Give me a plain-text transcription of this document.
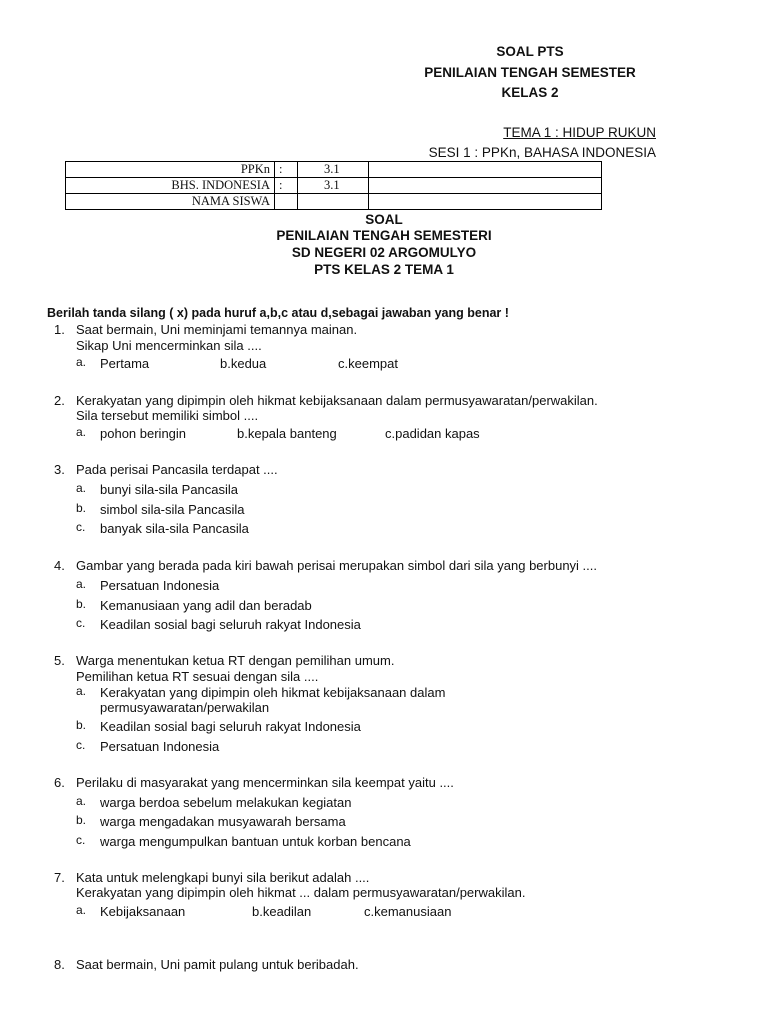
SOAL PTS
PENILAIAN TENGAH SEMESTER
KELAS 2
TEMA 1 : HIDUP RUKUN
SESI 1 : PPKn, BAHASA INDONESIA
PPKn	:	3.1	
BHS. INDONESIA	:	3.1	
NAMA SISWA			
SOAL
PENILAIAN TENGAH SEMESTERI
SD NEGERI 02 ARGOMULYO
PTS KELAS 2 TEMA 1
Berilah tanda silang ( x) pada huruf a,b,c atau d,sebagai jawaban yang benar !
1. Saat bermain, Uni meminjami temannya mainan.
Sikap Uni mencerminkan sila ....
a. Pertama	b.kedua	c.keempat
2. Kerakyatan yang dipimpin oleh hikmat kebijaksanaan dalam permusyawaratan/perwakilan.
Sila tersebut memiliki simbol ....
a. pohon beringin	b.kepala banteng	c.padidan kapas
3. Pada perisai Pancasila terdapat ....
a. bunyi sila-sila Pancasila
b. simbol sila-sila Pancasila
c. banyak sila-sila Pancasila
4. Gambar yang berada pada kiri bawah perisai merupakan simbol dari sila yang berbunyi ....
a. Persatuan Indonesia
b. Kemanusiaan yang adil dan beradab
c. Keadilan sosial bagi seluruh rakyat Indonesia
5. Warga menentukan ketua RT dengan pemilihan umum.
Pemilihan ketua RT sesuai dengan sila ....
a. Kerakyatan yang dipimpin oleh hikmat kebijaksanaan dalam
permusyawaratan/perwakilan
b. Keadilan sosial bagi seluruh rakyat Indonesia
c. Persatuan Indonesia
6. Perilaku di masyarakat yang mencerminkan sila keempat yaitu ....
a. warga berdoa sebelum melakukan kegiatan
b. warga mengadakan musyawarah bersama
c. warga mengumpulkan bantuan untuk korban bencana
7. Kata untuk melengkapi bunyi sila berikut adalah ....
Kerakyatan yang dipimpin oleh hikmat ... dalam permusyawaratan/perwakilan.
a. Kebijaksanaan	b.keadilan	c.kemanusiaan
8. Saat bermain, Uni pamit pulang untuk beribadah.
